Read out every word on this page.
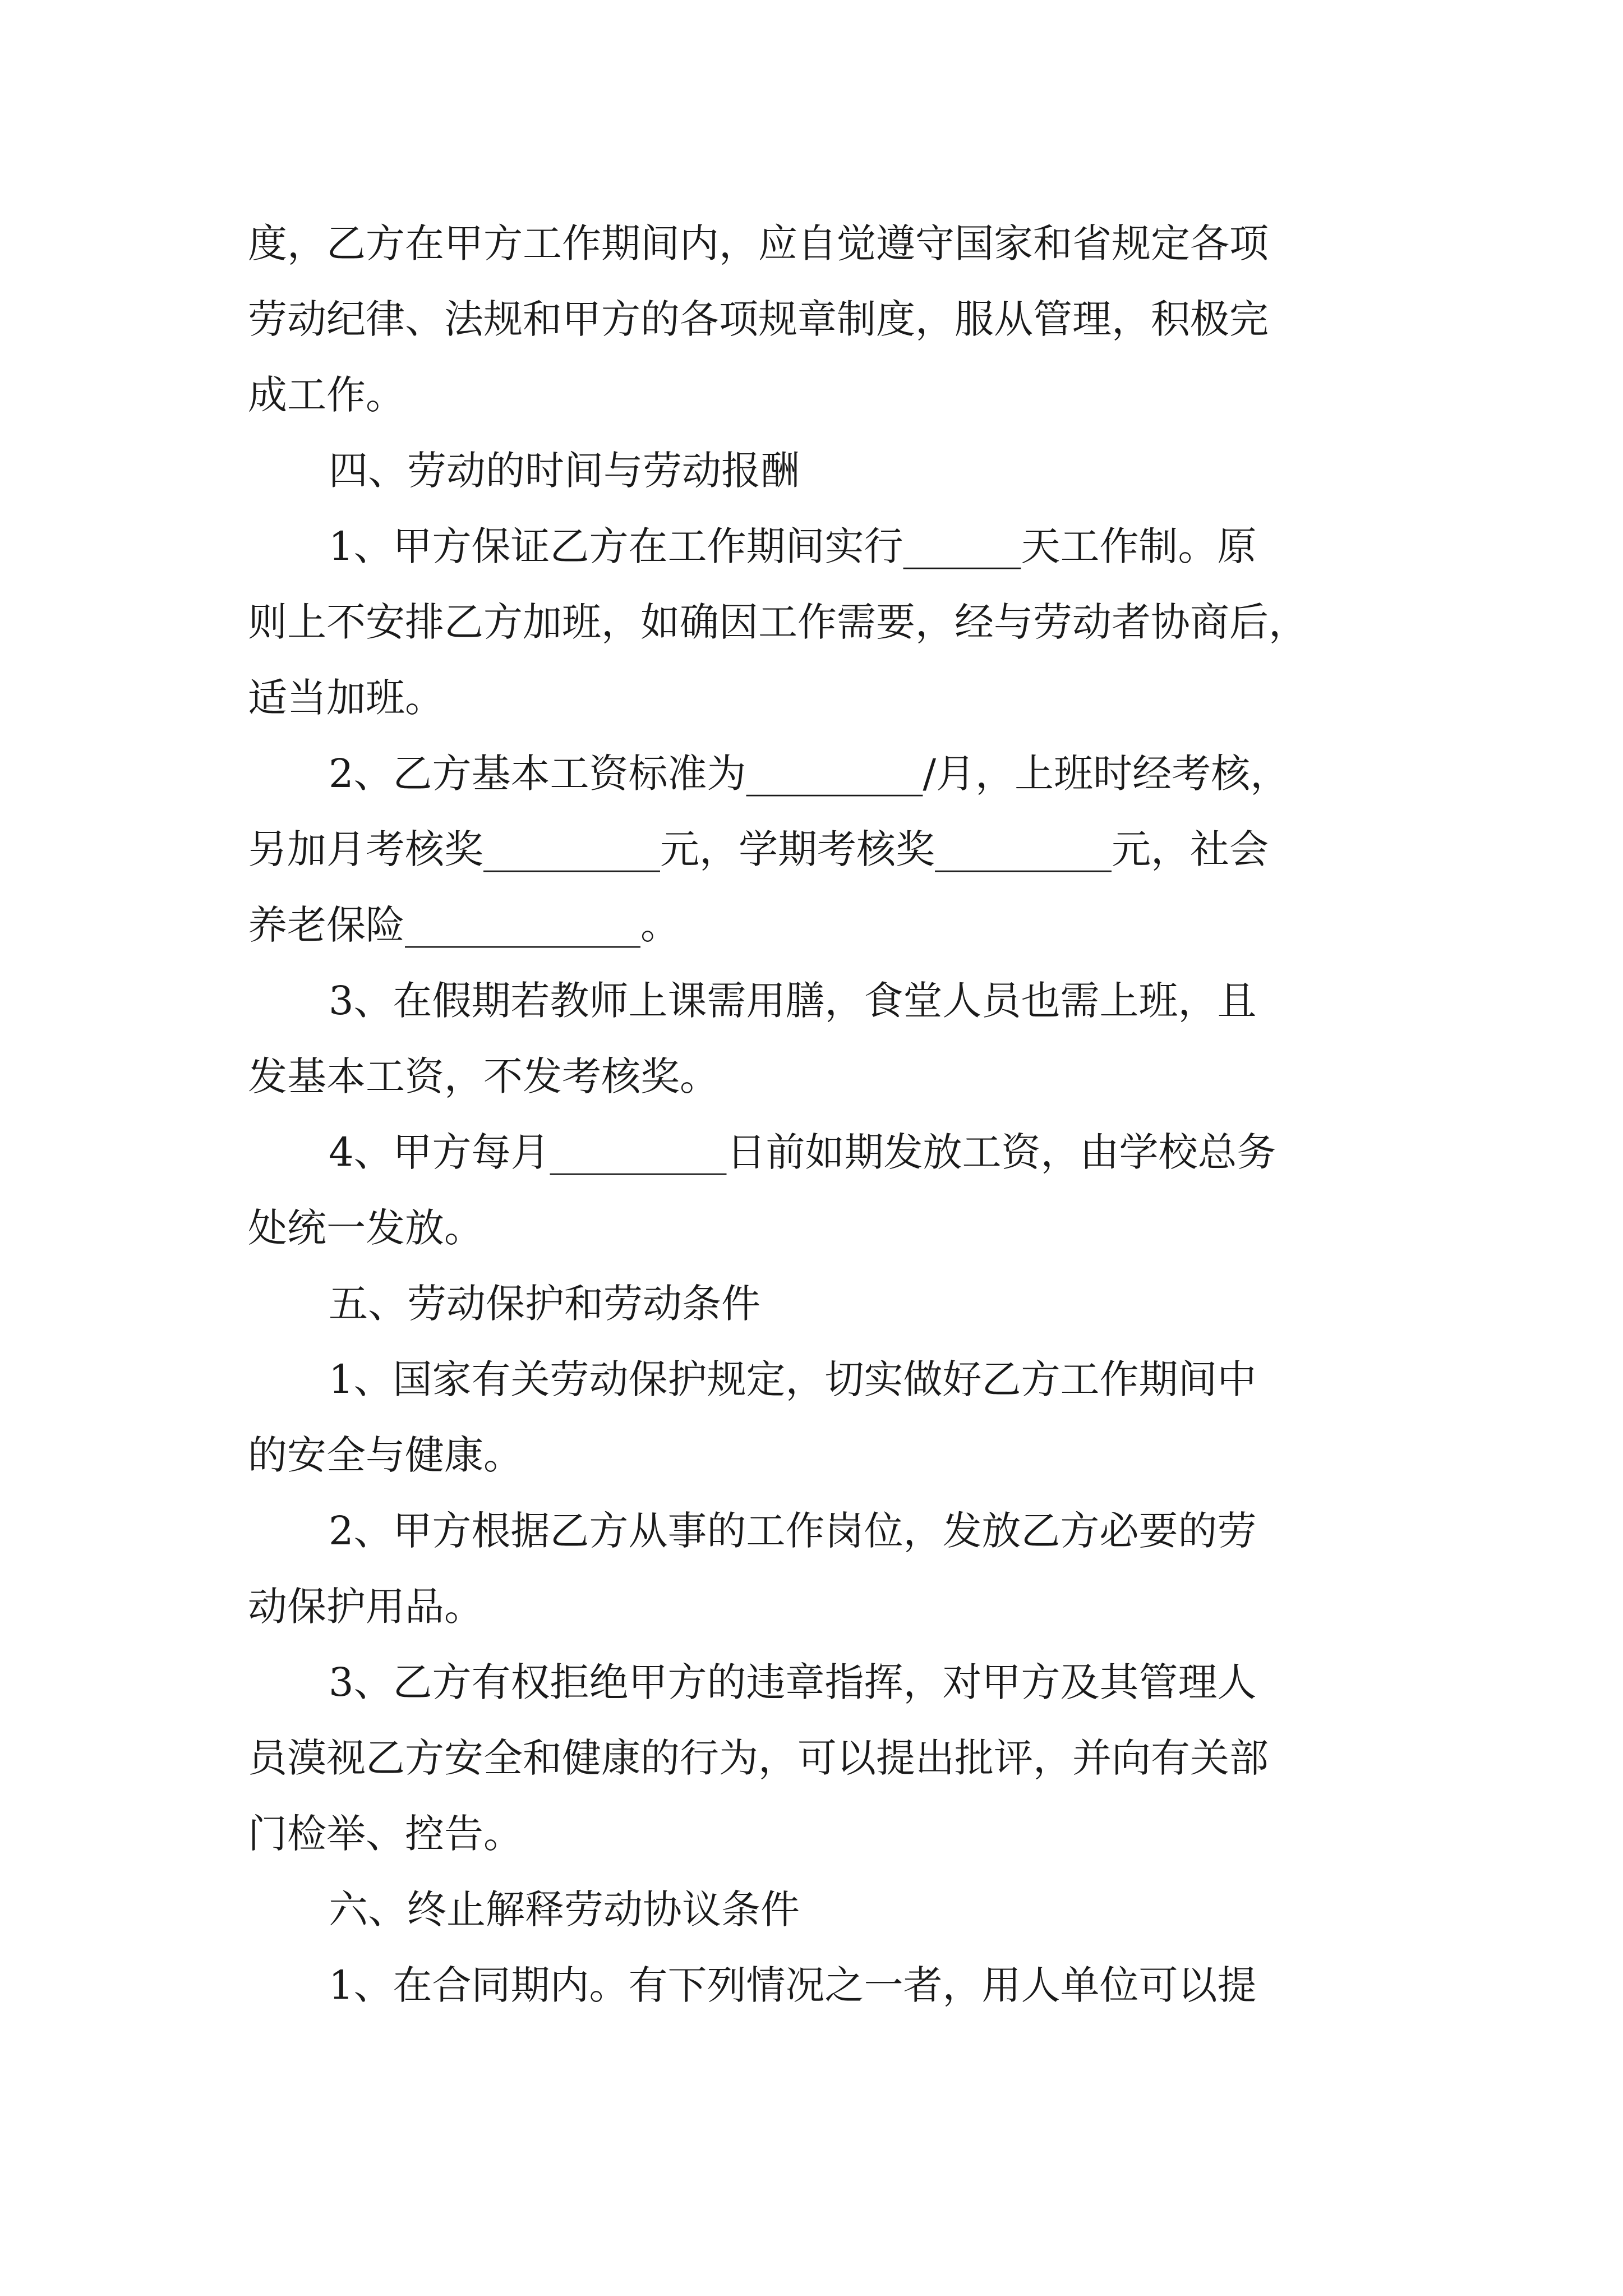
度，乙方在甲方工作期间内，应自觉遵守国家和省规定各项

劳动纪律、法规和甲方的各项规章制度，服从管理，积极完

成工作。

四、劳动的时间与劳动报酬

1、甲方保证乙方在工作期间实行______天工作制。原

则上不安排乙方加班，如确因工作需要，经与劳动者协商后，

适当加班。

2、乙方基本工资标准为_________/月，上班时经考核，

另加月考核奖_________元，学期考核奖_________元，社会

养老保险____________。

3、在假期若教师上课需用膳，食堂人员也需上班，且

发基本工资，不发考核奖。

4、甲方每月_________日前如期发放工资，由学校总务

处统一发放。

五、劳动保护和劳动条件

1、国家有关劳动保护规定，切实做好乙方工作期间中

的安全与健康。

2、甲方根据乙方从事的工作岗位，发放乙方必要的劳

动保护用品。

3、乙方有权拒绝甲方的违章指挥，对甲方及其管理人

员漠视乙方安全和健康的行为，可以提出批评，并向有关部

门检举、控告。

六、终止解释劳动协议条件

1、在合同期内。有下列情况之一者，用人单位可以提
